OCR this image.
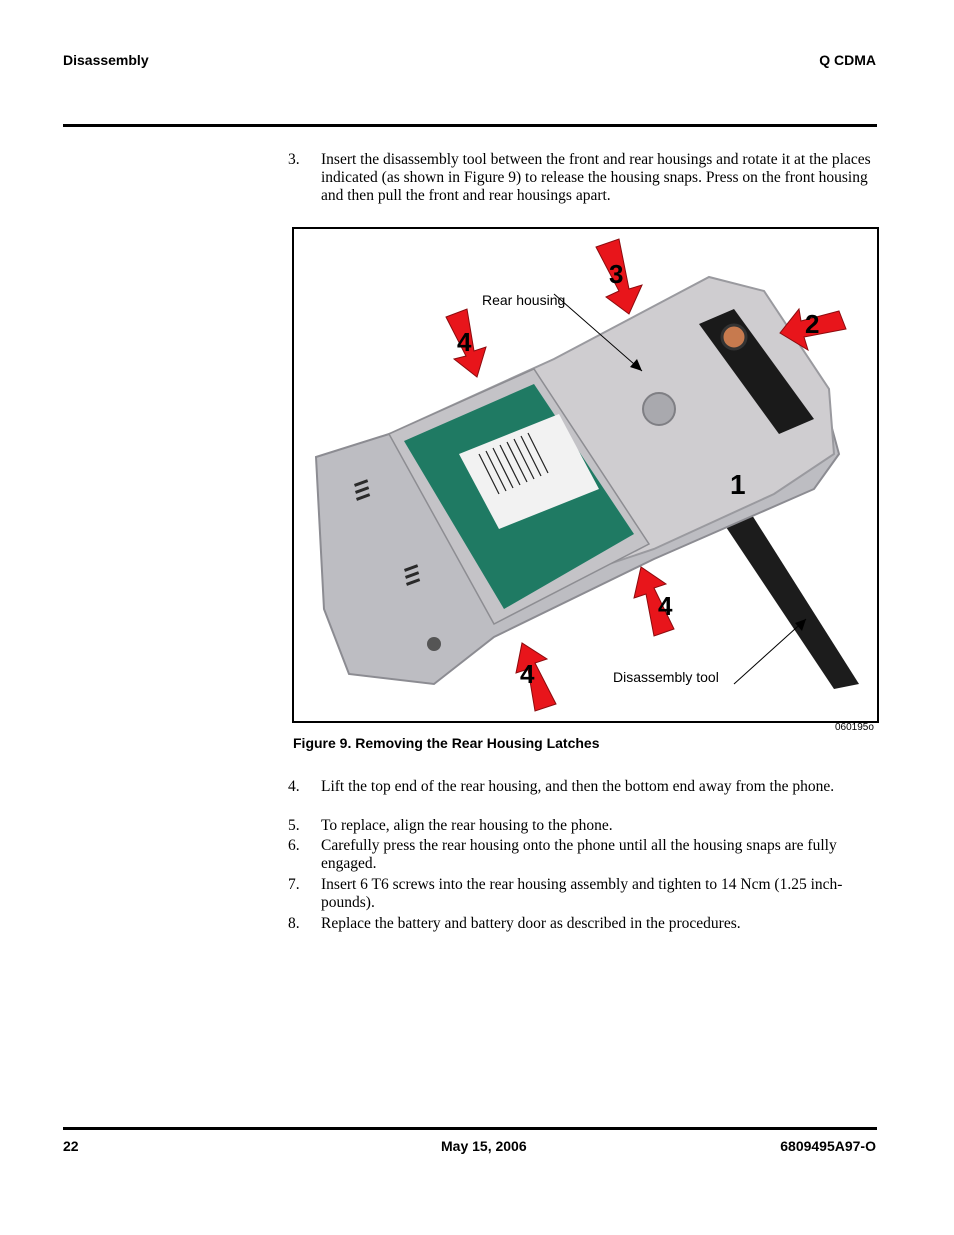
Disassembly	Q CDMA
3.	Insert the disassembly tool between the front and rear housings and rotate it at the places indicated (as shown in Figure 9) to release the housing snaps. Press on the front housing and then pull the front and rear housings apart.
Rear housing
Disassembly tool
1
2
3
4
4
4
060195o
Figure 9. Removing the Rear Housing Latches
4.	Lift the top end of the rear housing, and then the bottom end away from the phone.
5.	To replace, align the rear housing to the phone.
6.	Carefully press the rear housing onto the phone until all the housing snaps are fully engaged.
7.	Insert 6 T6 screws into the rear housing assembly and tighten to 14 Ncm (1.25 inch-pounds).
8.	Replace the battery and battery door as described in the procedures.
22	May 15, 2006	6809495A97-O
